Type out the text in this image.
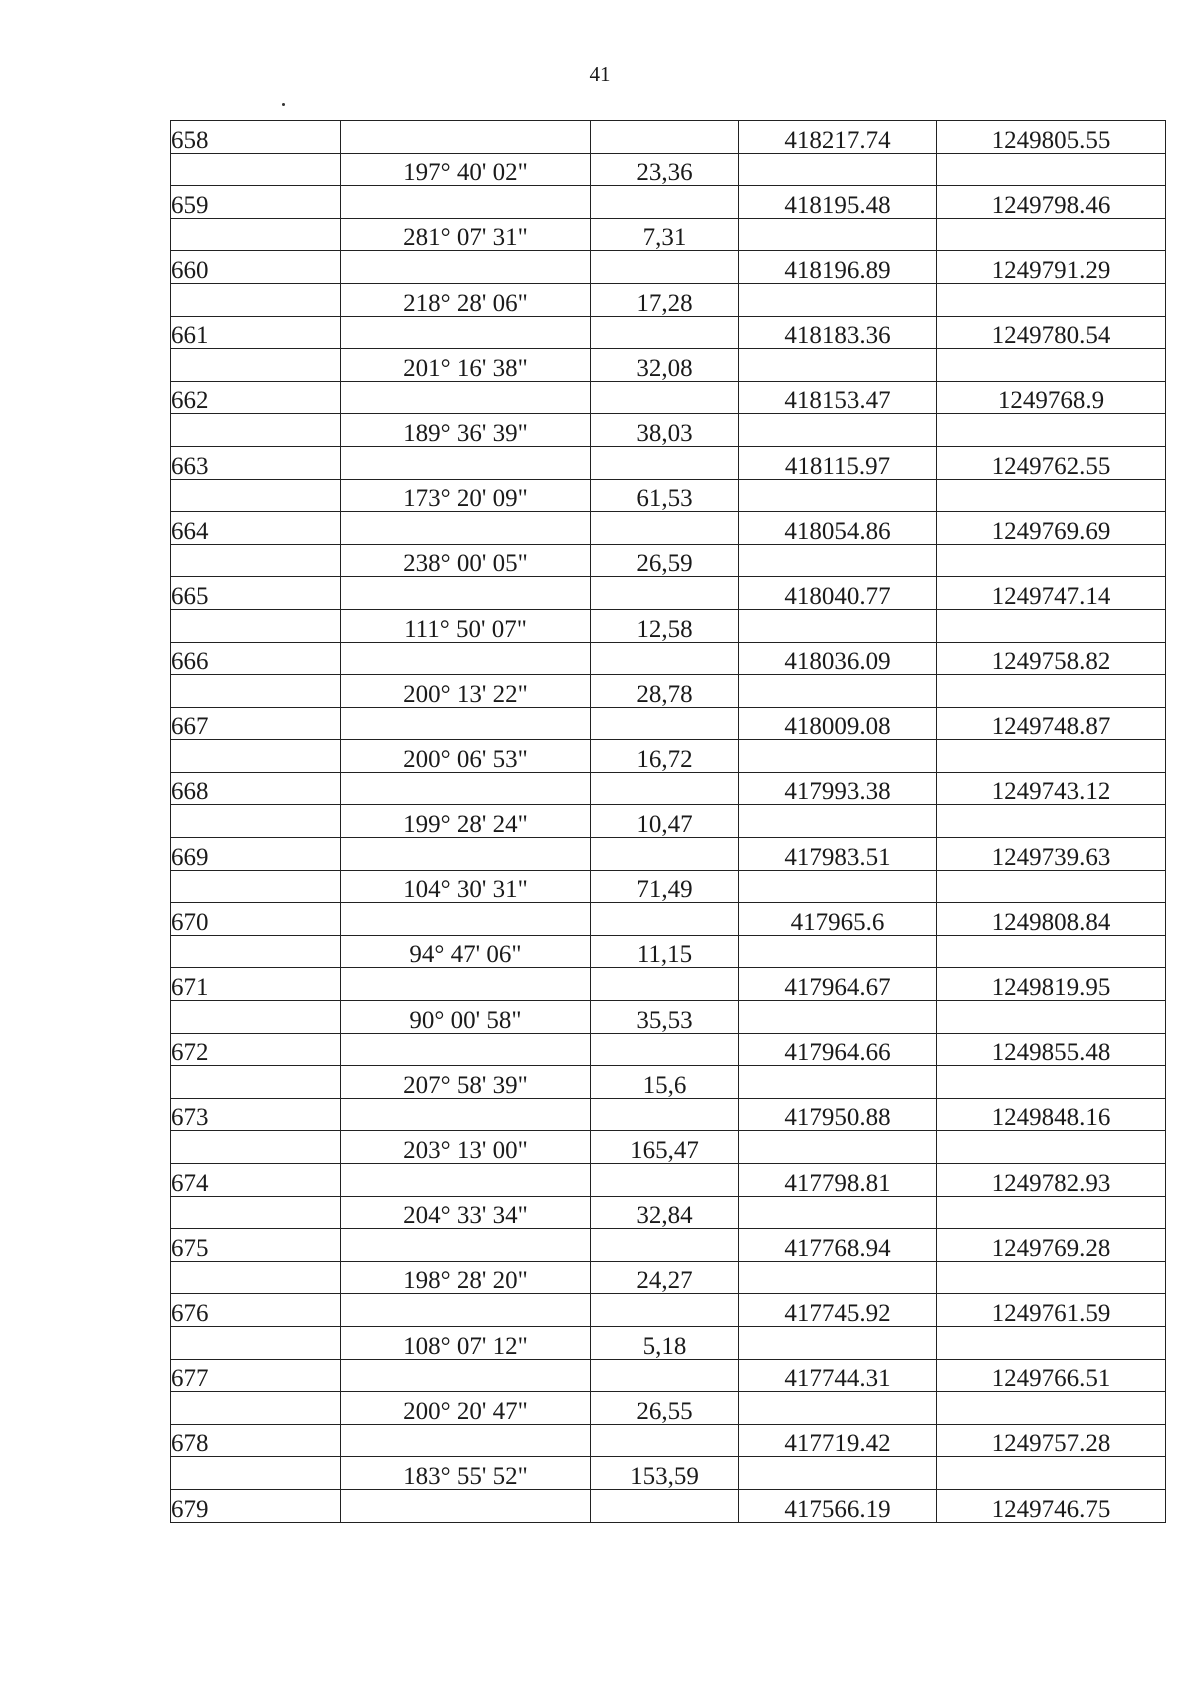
41
658			418217.74	1249805.55
	197° 40' 02"	23,36		
659			418195.48	1249798.46
	281° 07' 31"	7,31		
660			418196.89	1249791.29
	218° 28' 06"	17,28		
661			418183.36	1249780.54
	201° 16' 38"	32,08		
662			418153.47	1249768.9
	189° 36' 39"	38,03		
663			418115.97	1249762.55
	173° 20' 09"	61,53		
664			418054.86	1249769.69
	238° 00' 05"	26,59		
665			418040.77	1249747.14
	111° 50' 07"	12,58		
666			418036.09	1249758.82
	200° 13' 22"	28,78		
667			418009.08	1249748.87
	200° 06' 53"	16,72		
668			417993.38	1249743.12
	199° 28' 24"	10,47		
669			417983.51	1249739.63
	104° 30' 31"	71,49		
670			417965.6	1249808.84
	94° 47' 06"	11,15		
671			417964.67	1249819.95
	90° 00' 58"	35,53		
672			417964.66	1249855.48
	207° 58' 39"	15,6		
673			417950.88	1249848.16
	203° 13' 00"	165,47		
674			417798.81	1249782.93
	204° 33' 34"	32,84		
675			417768.94	1249769.28
	198° 28' 20"	24,27		
676			417745.92	1249761.59
	108° 07' 12"	5,18		
677			417744.31	1249766.51
	200° 20' 47"	26,55		
678			417719.42	1249757.28
	183° 55' 52"	153,59		
679			417566.19	1249746.75
